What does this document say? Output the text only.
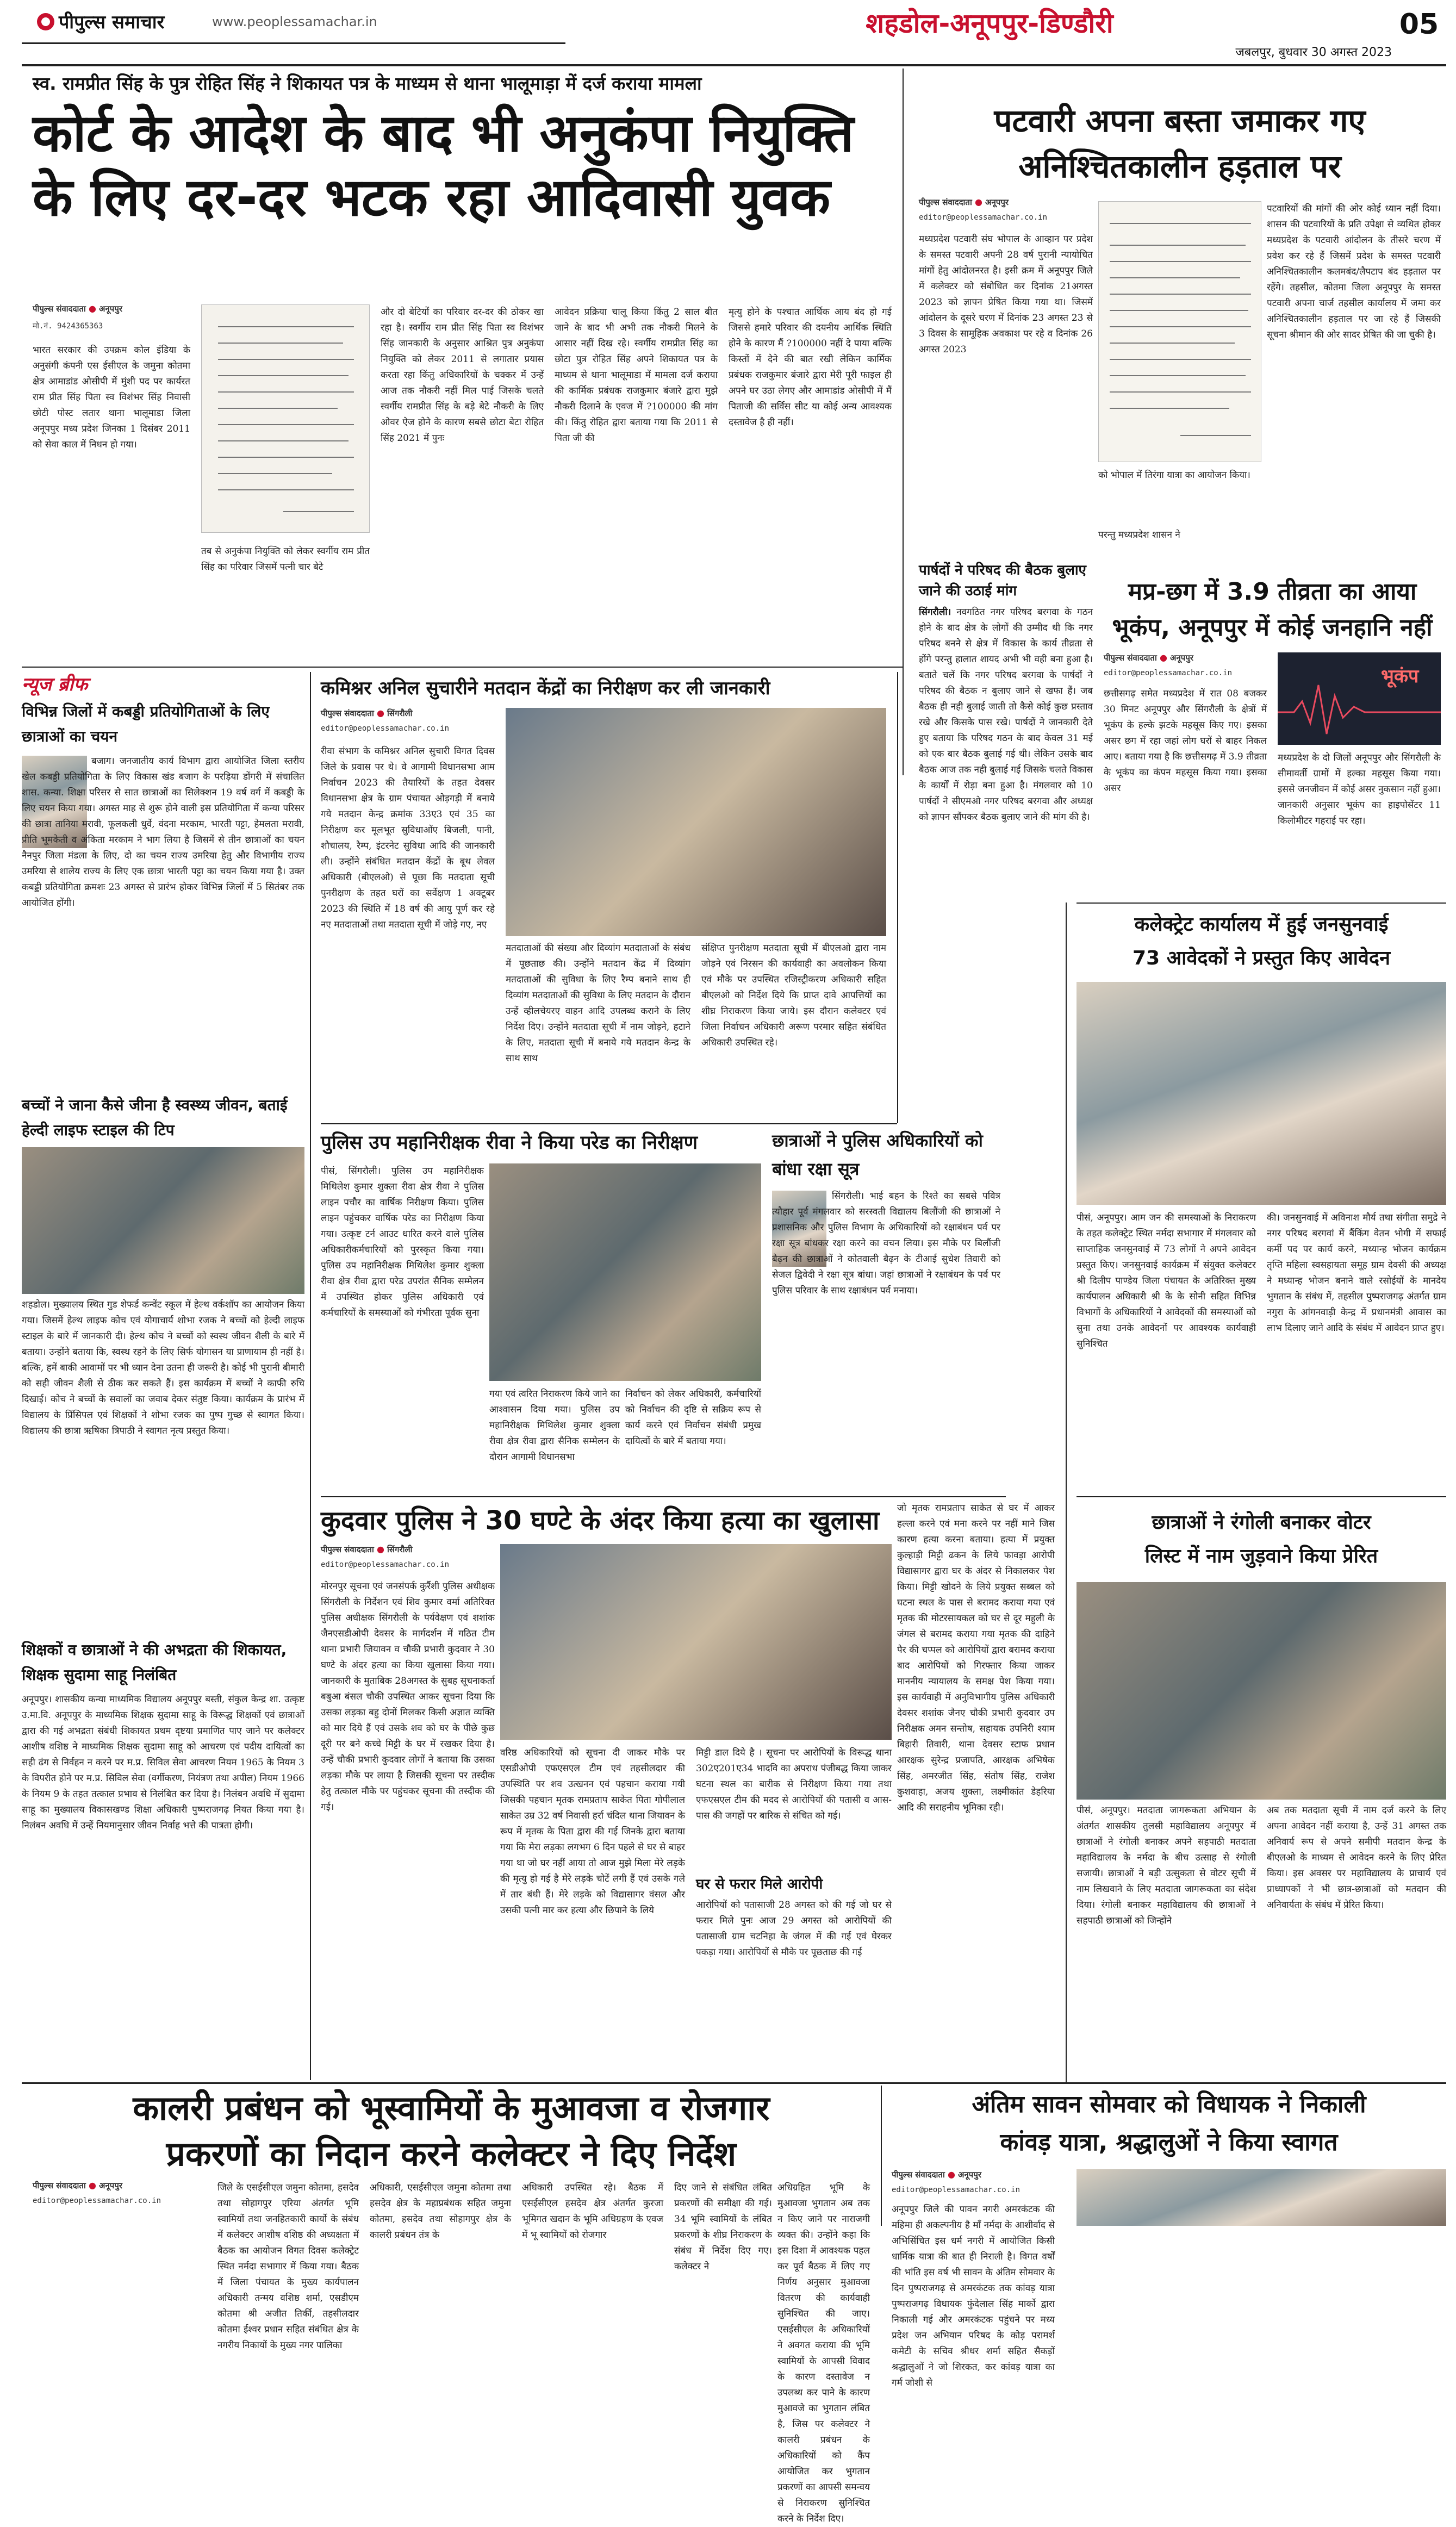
पीपुल्स समाचार	www.peoplessamachar.in	शहडोल-अनूपपुर-डिण्डौरी	05
जबलपुर, बुधवार 30 अगस्त 2023
स्व. रामप्रीत सिंह के पुत्र रोहित सिंह ने शिकायत पत्र के माध्यम से थाना भालूमाड़ा में दर्ज कराया मामला
कोर्ट के आदेश के बाद भी अनुकंपा नियुक्ति
के लिए दर-दर भटक रहा आदिवासी युवक
पीपुल्स संवाददाता ● अनूपपुर
मो.नं. 9424365363
भारत सरकार की उपक्रम कोल इंडिया के अनुसंगी कंपनी एस ईसीएल के जमुना कोतमा क्षेत्र आमाडांड ओसीपी में मुंशी पद पर कार्यरत राम प्रीत सिंह पिता स्व विशंभर सिंह निवासी छोटी पोस्ट लतार थाना भालूमाडा जिला अनूपपुर मध्य प्रदेश जिनका 1 दिसंबर 2011 को सेवा काल में निधन हो गया।
तब से अनुकंपा नियुक्ति को लेकर स्वर्गीय राम प्रीत सिंह का परिवार जिसमें पत्नी चार बेटे
और दो बेटियों का परिवार दर-दर की ठोकर खा रहा है। स्वर्गीय राम प्रीत सिंह पिता स्व विशंभर सिंह जानकारी के अनुसार आश्रित पुत्र अनुकंपा नियुक्ति को लेकर 2011 से लगातार प्रयास करता रहा किंतु अधिकारियों के चक्कर में उन्हें आज तक नौकरी नहीं मिल पाई जिसके चलते स्वर्गीय रामप्रीत सिंह के बड़े बेटे नौकरी के लिए ओवर ऐज होने के कारण सबसे छोटा बेटा रोहित सिंह 2021 में पुनः
आवेदन प्रक्रिया चालू किया किंतु 2 साल बीत जाने के बाद भी अभी तक नौकरी मिलने के आसार नहीं दिख रहे। स्वर्गीय रामप्रीत सिंह का छोटा पुत्र रोहित सिंह अपने शिकायत पत्र के माध्यम से थाना भालूमाडा में मामला दर्ज कराया की कार्मिक प्रबंधक राजकुमार बंजारे द्वारा मुझे नौकरी दिलाने के एवज में ?100000 की मांग की। किंतु रोहित द्वारा बताया गया कि 2011 से पिता जी की
मृत्यु होने के पश्चात आर्थिक आय बंद हो गई जिससे हमारे परिवार की दयनीय आर्थिक स्थिति होने के कारण मैं ?100000 नहीं दे पाया बल्कि किस्तों में देने की बात रखी लेकिन कार्मिक प्रबंधक राजकुमार बंजारे द्वारा मेरी पूरी फाइल ही अपने घर उठा लेगए और आमाडांड ओसीपी में मैं पिताजी की सर्विस सीट या कोई अन्य आवश्यक दस्तावेज है ही नहीं।
पटवारी अपना बस्ता जमाकर गए
अनिश्चितकालीन हड़ताल पर
पीपुल्स संवाददाता ● अनूपपुर
editor@peoplessamachar.co.in
मध्यप्रदेश पटवारी संघ भोपाल के आव्हान पर प्रदेश के समस्त पटवारी अपनी 28 वर्ष पुरानी न्यायोचित मांगों हेतु आंदोलनरत है। इसी क्रम में अनूपपुर जिले में कलेक्टर को संबोधित कर दिनांक 21अगस्त 2023 को ज्ञापन प्रेषित किया गया था। जिसमें आंदोलन के दूसरे चरण में दिनांक 23 अगस्त 23 से 3 दिवस के सामूहिक अवकाश पर रहे व दिनांक 26 अगस्त 2023
को भोपाल में तिरंगा यात्रा का आयोजन किया।
परन्तु मध्यप्रदेश शासन ने
पटवारियों की मांगों की ओर कोई ध्यान नहीं दिया। शासन की पटवारियों के प्रति उपेक्षा से व्यथित होकर मध्यप्रदेश के पटवारी आंदोलन के तीसरे चरण में प्रवेश कर रहे हैं जिसमें प्रदेश के समस्त पटवारी अनिश्चितकालीन कलमबंद/लैपटाप बंद हड़ताल पर रहेंगे। तहसील, कोतमा जिला अनूपपुर के समस्त पटवारी अपना चार्ज तहसील कार्यालय में जमा कर अनिश्चितकालीन हड़ताल पर जा रहे हैं जिसकी सूचना श्रीमान की ओर सादर प्रेषित की जा चुकी है।
पार्षदों ने परिषद की बैठक बुलाए जाने की उठाई मांग
सिंगरौली। नवगठित नगर परिषद बरगवा के गठन होने के बाद क्षेत्र के लोगों की उम्मीद थी कि नगर परिषद बनने से क्षेत्र में विकास के कार्य तीव्रता से होंगे परन्तु हालात शायद अभी भी वही बना हुआ है। बताते चलें कि नगर परिषद बरगवा के पार्षदों ने परिषद की बैठक न बुलाए जाने से खफा हैं। जब बैठक ही नही बुलाई जाती तो कैसे कोई कुछ प्रस्ताव रखे और किसके पास रखे। पार्षदों ने जानकारी देते हुए बताया कि परिषद गठन के बाद केवल 31 मई को एक बार बैठक बुलाई गई थी। लेकिन उसके बाद बैठक आज तक नही बुलाई गई जिसके चलते विकास के कार्यों में रोड़ा बना हुआ है। मंगलवार को 10 पार्षदों ने सीएमओ नगर परिषद बरगवा और अध्यक्ष को ज्ञापन सौंपकर बैठक बुलाए जाने की मांग की है।
मप्र-छग में 3.9 तीव्रता का आया
भूकंप, अनूपपुर में कोई जनहानि नहीं
पीपुल्स संवाददाता ● अनूपपुर
editor@peoplessamachar.co.in
छत्तीसगढ़ समेत मध्यप्रदेश में रात 08 बजकर 30 मिनट अनूपपुर और सिंगरौली के क्षेत्रों में भूकंप के हल्के झटके महसूस किए गए। इसका असर छग में रहा जहां लोग घरों से बाहर निकल आए। बताया गया है कि छत्तीसगढ़ में 3.9 तीव्रता के भूकंप का कंपन महसूस किया गया। इसका असर
भूकंप
मध्यप्रदेश के दो जिलों अनूपपुर और सिंगरौली के सीमावर्ती ग्रामों में हल्का महसूस किया गया। इससे जनजीवन में कोई असर नुकसान नहीं हुआ। जानकारी अनुसार भूकंप का हाइपोसेंटर 11 किलोमीटर गहराई पर रहा।
न्यूज ब्रीफ
विभिन्न जिलों में कबड्डी प्रतियोगिताओं के लिए छात्राओं का चयन
बजाग। जनजातीय कार्य विभाग द्वारा आयोजित जिला स्तरीय खेल कबड्डी प्रतियोगिता के लिए विकास खंड बजाग के परड़िया डोंगरी में संचालित शास. कन्या. शिक्षा परिसर से सात छात्राओं का सिलेक्शन 19 वर्ष वर्ग में कबड्डी के लिए चयन किया गया। अगस्त माह से शुरू होने वाली इस प्रतियोगिता में कन्या परिसर की छात्रा तानिया मरावी, फूलकली धुर्वे, वंदना मरकाम, भारती पट्टा, हेमलता मरावी, प्रीति भूमकेती व अंकिता मरकाम ने भाग लिया है जिसमें से तीन छात्राओं का चयन नैनपुर जिला मंडला के लिए, दो का चयन राज्य उमरिया हेतु और विभागीय राज्य उमरिया से शालेय राज्य के लिए एक छात्रा भारती पट्टा का चयन किया गया है। उक्त कबड्डी प्रतियोगिता क्रमशः 23 अगस्त से प्रारंभ होकर विभिन्न जिलों में 5 सितंबर तक आयोजित होंगी।
बच्चों ने जाना कैसे जीना है स्वस्थ्य जीवन, बताई हेल्दी लाइफ स्टाइल की टिप
शहडोल। मुख्यालय स्थित गुड शेफर्ड कन्वेंट स्कूल में हेल्थ वर्कशॉप का आयोजन किया गया। जिसमें हेल्थ लाइफ कोच एवं योगाचार्य शोभा रजक ने बच्चों को हेल्दी लाइफ स्टाइल के बारे में जानकारी दी। हेल्थ कोच ने बच्चों को स्वस्थ जीवन शैली के बारे में बताया। उन्होंने बताया कि, स्वस्थ रहने के लिए सिर्फ योगासन या प्राणायाम ही नहीं है। बल्कि, हमें बाकी आवामों पर भी ध्यान देना उतना ही जरूरी है। कोई भी पुरानी बीमारी को सही जीवन शैली से ठीक कर सकते हैं। इस कार्यक्रम में बच्चों ने काफी रुचि दिखाई। कोच ने बच्चों के सवालों का जवाब देकर संतुष्ट किया। कार्यक्रम के प्रारंभ में विद्यालय के प्रिंसिपल एवं शिक्षकों ने शोभा रजक का पुष्प गुच्छ से स्वागत किया। विद्यालय की छात्रा ऋषिका त्रिपाठी ने स्वागत नृत्य प्रस्तुत किया।
शिक्षकों व छात्राओं ने की अभद्रता की शिकायत, शिक्षक सुदामा साहू निलंबित
अनूपपुर। शासकीय कन्या माध्यमिक विद्यालय अनूपपुर बस्ती, संकुल केन्द्र शा. उत्कृष्ट उ.मा.वि. अनूपपुर के माध्यमिक शिक्षक सुदामा साहू के विरूद्ध शिक्षकों एवं छात्राओं द्वारा की गई अभद्रता संबंधी शिकायत प्रथम दृष्टया प्रमाणित पाए जाने पर कलेक्टर आशीष वशिष्ठ ने माध्यमिक शिक्षक सुदामा साहू को आचरण एवं पदीय दायित्वों का सही ढंग से निर्वहन न करने पर म.प्र. सिविल सेवा आचरण नियम 1965 के नियम 3 के विपरीत होने पर म.प्र. सिविल सेवा (वर्गीकरण, नियंत्रण तथा अपील) नियम 1966 के नियम 9 के तहत तत्काल प्रभाव से निलंबित कर दिया है। निलंबन अवधि में सुदामा साहू का मुख्यालय विकासखण्ड शिक्षा अधिकारी पुष्पराजगढ़ नियत किया गया है। निलंबन अवधि में उन्हें नियमानुसार जीवन निर्वाह भत्ते की पात्रता होगी।
कमिश्नर अनिल सुचारीने मतदान केंद्रों का निरीक्षण कर ली जानकारी
पीपुल्स संवाददाता ● सिंगरौली
editor@peoplessamachar.co.in
रीवा संभाग के कमिश्नर अनिल सुचारी विगत दिवस जिले के प्रवास पर थे। वे आगामी विधानसभा आम निर्वाचन 2023 की तैयारियों के तहत देवसर विधानसभा क्षेत्र के ग्राम पंचायत ओड़गड़ी में बनाये गये मतदान केन्द्र क्रमांक 33ए3 एवं 35 का निरीक्षण कर मूलभूत सुविधाओंए बिजली, पानी, शौचालय, रैम्प, इंटरनेट सुविधा आदि की जानकारी ली। उन्होंने संबंधित मतदान केंद्रों के बूथ लेवल अधिकारी (बीएलओ) से पूछा कि मतदाता सूची पुनरीक्षण के तहत घरों का सर्वेक्षण 1 अक्टूबर 2023 की स्थिति में 18 वर्ष की आयु पूर्ण कर रहे नए मतदाताओं तथा मतदाता सूची में जोड़े गए, नए
मतदाताओं की संख्या और दिव्यांग मतदाताओं के संबंध में पूछताछ की। उन्होंने मतदान केंद्र में दिव्यांग मतदाताओं की सुविधा के लिए रैम्प बनाने साथ ही दिव्यांग मतदाताओं की सुविधा के लिए मतदान के दौरान उन्हें व्हीलचेयरए वाहन आदि उपलब्ध कराने के लिए निर्देश दिए। उन्होंने मतदाता सूची में नाम जोड़ने, हटाने के लिए, मतदाता सूची में बनाये गये मतदान केन्द्र के साथ साथ
संक्षिप्त पुनरीक्षण मतदाता सूची में बीएलओ द्वारा नाम जोड़ने एवं निरसन की कार्यवाही का अवलोकन किया एवं मौके पर उपस्थित रजिस्ट्रीकरण अधिकारी सहित बीएलओ को निर्देश दिये कि प्राप्त दावे आपत्तियों का शीघ्र निराकरण किया जाये। इस दौरान कलेक्टर एवं जिला निर्वाचन अधिकारी अरूण परमार सहित संबंधित अधिकारी उपस्थित रहे।
पुलिस उप महानिरीक्षक रीवा ने किया परेड का निरीक्षण
पीसं, सिंगरौली। पुलिस उप महानिरीक्षक मिथिलेश कुमार शुक्ला रीवा क्षेत्र रीवा ने पुलिस लाइन पचौर का वार्षिक निरीक्षण किया। पुलिस लाइन पहुंचकर वार्षिक परेड का निरीक्षण किया गया। उत्कृष्ट टर्न आउट धारित करने वाले पुलिस अधिकारीकर्मचारियों को पुरस्कृत किया गया। पुलिस उप महानिरीक्षक मिथिलेश कुमार शुक्ला रीवा क्षेत्र रीवा द्वारा परेड उपरांत सैनिक सम्मेलन में उपस्थित होकर पुलिस अधिकारी एवं कर्मचारियों के समस्याओं को गंभीरता पूर्वक सुना
गया एवं त्वरित निराकरण किये जाने का आश्वासन दिया गया। पुलिस उप महानिरीक्षक मिथिलेश कुमार शुक्ला रीवा क्षेत्र रीवा द्वारा सैनिक सम्मेलन के दौरान आगामी विधानसभा
निर्वाचन को लेकर अधिकारी, कर्मचारियों को निर्वाचन की दृष्टि से सक्रिय रूप से कार्य करने एवं निर्वाचन संबंधी प्रमुख दायित्वों के बारे में बताया गया।
छात्राओं ने पुलिस अधिकारियों को बांधा रक्षा सूत्र
सिंगरौली। भाई बहन के रिश्ते का सबसे पवित्र त्यौहार पूर्व मंगलवार को सरस्वती विद्यालय बिलौंजी की छात्राओं ने प्रशासनिक और पुलिस विभाग के अधिकारियों को रक्षाबंधन पर्व पर रक्षा सूत्र बांधकर रक्षा करने का वचन लिया। इस मौके पर बिलौंजी बैढ़न की छात्राओं ने कोतवाली बैढ़न के टीआई सुधेश तिवारी को सेजल द्विवेदी ने रक्षा सूत्र बांधा। जहां छात्राओं ने रक्षाबंधन के पर्व पर पुलिस परिवार के साथ रक्षाबंधन पर्व मनाया।
कुदवार पुलिस ने 30 घण्टे के अंदर किया हत्या का खुलासा
पीपुल्स संवाददाता ● सिंगरौली
editor@peoplessamachar.co.in
मोरनपुर सूचना एवं जनसंपर्क कुर्रैशी पुलिस अधीक्षक सिंगरौली के निर्देशन एवं शिव कुमार वर्मा अतिरिक्त पुलिस अधीक्षक सिंगरौली के पर्यवेक्षण एवं शशांक जैनएसडीओपी देवसर के मार्गदर्शन में गठित टीम थाना प्रभारी जियावन व चौकी प्रभारी कुदवार ने 30 घण्टे के अंदर हत्या का किया खुलासा किया गया। जानकारी के मुताबिक 28अगस्त के सुबह सूचनाकर्ता बबुआ बंसल चौकी उपस्थित आकर सूचना दिया कि उसका लड़का बहु दोनों मिलकर किसी अज्ञात व्यक्ति को मार दिये हैं एवं उसके शव को घर के पीछे कुछ दूरी पर बने कच्चे मिट्टी के घर में रखकर दिया है। उन्हें चौकी प्रभारी कुदवार लोगों ने बताया कि उसका लड़का मौके पर लाया है जिसकी सूचना पर तस्दीक हेतु तत्काल मौके पर पहुंचकर सूचना की तस्दीक की गई।
वरिष्ठ अधिकारियों को सूचना दी जाकर मौके पर एसडीओपी एफएसएल टीम एवं तहसीलदार की उपस्थिति पर शव उत्खनन एवं पहचान कराया गयी जिसकी पहचान मृतक रामप्रताप साकेत पिता गोपीलाल साकेत उम्र 32 वर्ष निवासी हर्रा चंदिल थाना जियावन के रूप में मृतक के पिता द्वारा की गई जिनके द्वारा बताया गया कि मेरा लड़का लगभग 6 दिन पहले से घर से बाहर गया था जो घर नहीं आया तो आज मुझे मिला मेरे लड़के की मृत्यु हो गई है मेरे लड़के चोटें लगी हैं एवं उसके गले में तार बंधी हैं। मेरे लड़के को विद्यासागर वंसल और उसकी पत्नी मार कर हत्या और छिपाने के लिये
मिट्टी डाल दिये है । सूचना पर आरोपियों के विरूद्ध थाना 302ए201ए34 भादवि का अपराध पंजीबद्ध किया जाकर घटना स्थल का बारीक से निरीक्षण किया गया तथा एफएसएल टीम की मदद से आरोपियों की पतासी व आस-पास की जगहों पर बारिक से संचित को गई।
घर से फरार मिले आरोपी
आरोपियों को पतासाजी 28 अगस्त को की गई जो घर से फरार मिले पुनः आज 29 अगस्त को आरोपियों की पतासाजी ग्राम चटनिहा के जंगल में की गई एवं घेरकर पकड़ा गया। आरोपियों से मौके पर पूछताछ की गई
जो मृतक रामप्रताप साकेत से घर में आकर हल्ला करने एवं मना करने पर नहीं माने जिस कारण हत्या करना बताया। हत्या में प्रयुक्त कुल्हाड़ी मिट्टी ढकन के लिये फावड़ा आरोपी विद्यासागर द्वारा घर के अंदर से निकालकर पेश किया। मिट्टी खोदने के लिये प्रयुक्त सब्बल को घटना स्थल के पास से बरामद कराया गया एवं मृतक की मोटरसायकल को घर से दूर महुली के जंगल से बरामद कराया गया मृतक की दाहिने पैर की चप्पल को आरोपियों द्वारा बरामद कराया बाद आरोपियों को गिरफ्तार किया जाकर माननीय न्यायालय के समक्ष पेश किया गया। इस कार्यवाही में अनुविभागीय पुलिस अधिकारी देवसर शशांक जैनए चौकी प्रभारी कुदवार उप निरीक्षक अमन सन्तोष, सहायक उपनिरी श्याम बिहारी तिवारी, थाना देवसर स्टाफ प्रधान आरक्षक सुरेन्द्र प्रजापति, आरक्षक अभिषेक सिंह, अमरजीत सिंह, संतोष सिंह, राजेश कुशवाहा, अजय शुक्ला, लक्ष्मीकांत डेहरिया आदि की सराहनीय भूमिका रही।
कलेक्ट्रेट कार्यालय में हुई जनसुनवाई
73 आवेदकों ने प्रस्तुत किए आवेदन
पीसं, अनूपपुर। आम जन की समस्याओं के निराकरण के तहत कलेक्ट्रेट स्थित नर्मदा सभागार में मंगलवार को साप्ताहिक जनसुनवाई में 73 लोगों ने अपने आवेदन प्रस्तुत किए। जनसुनवाई कार्यक्रम में संयुक्त कलेक्टर श्री दिलीप पाण्डेय जिला पंचायत के अतिरिक्त मुख्य कार्यपालन अधिकारी श्री के के सोनी सहित विभिन्न विभागों के अधिकारियों ने आवेदकों की समस्याओं को सुना तथा उनके आवेदनों पर आवश्यक कार्यवाही सुनिश्चित
की। जनसुनवाई में अविनाश मौर्य तथा संगीता समुद्रे ने नगर परिषद बरगवां में बैंकिंग वेतन भोगी में सफाई कर्मी पद पर कार्य करने, मध्यान्ह भोजन कार्यक्रम तृप्ति महिला स्वसहायता समूह ग्राम देवसी की अध्यक्ष ने मध्यान्ह भोजन बनाने वाले रसोईयों के मानदेय भुगतान के संबंध में, तहसील पुष्पराजगढ़ अंतर्गत ग्राम नगुरा के आंगनवाड़ी केन्द्र में प्रधानमंत्री आवास का लाभ दिलाए जाने आदि के संबंध में आवेदन प्राप्त हुए।
छात्राओं ने रंगोली बनाकर वोटर
लिस्ट में नाम जुड़वाने किया प्रेरित
पीसं, अनूपपुर। मतदाता जागरूकता अभियान के अंतर्गत शासकीय तुलसी महाविद्यालय अनूपपुर में छात्राओं ने रंगोली बनाकर अपने सहपाठी मतदाता महाविद्यालय के नर्मदा के बीच उत्साह से रंगोली सजायी। छात्राओं ने बड़ी उत्सुकता से वोटर सूची में नाम लिखवाने के लिए मतदाता जागरूकता का संदेश दिया। रंगोली बनाकर महाविद्यालय की छात्राओं ने सहपाठी छात्राओं को जिन्होंने
अब तक मतदाता सूची में नाम दर्ज करने के लिए अपना आवेदन नहीं कराया है, उन्हें 31 अगस्त तक अनिवार्य रूप से अपने समीपी मतदान केन्द्र के बीएलओ के माध्यम से आवेदन करने के लिए प्रेरित किया। इस अवसर पर महाविद्यालय के प्राचार्य एवं प्राध्यापकों ने भी छात्र-छात्राओं को मतदान की अनिवार्यता के संबंध में प्रेरित किया।
कालरी प्रबंधन को भूस्वामियों के मुआवजा व रोजगार
प्रकरणों का निदान करने कलेक्टर ने दिए निर्देश
पीपुल्स संवाददाता ● अनूपपुर
editor@peoplessamachar.co.in
जिले के एसईसीएल जमुना कोतमा, हसदेव तथा सोहागपुर एरिया अंतर्गत भूमि स्वामियों तथा जनहितकारी कार्यो के संबंध में कलेक्टर आशीष वशिष्ठ की अध्यक्षता में बैठक का आयोजन विगत दिवस कलेक्ट्रेट स्थित नर्मदा सभागार में किया गया। बैठक में जिला पंचायत के मुख्य कार्यपालन अधिकारी तन्मय वशिष्ठ शर्मा, एसडीएम कोतमा श्री अजीत तिर्की, तहसीलदार कोतमा ईश्वर प्रधान सहित संबंधित क्षेत्र के नगरीय निकायों के मुख्य नगर पालिका
अधिकारी, एसईसीएल जमुना कोतमा तथा हसदेव क्षेत्र के महाप्रबंधक सहित जमुना कोतमा, हसदेव तथा सोहागपुर क्षेत्र के कालरी प्रबंधन तंत्र के
अधिकारी उपस्थित रहे। बैठक में एसईसीएल हसदेव क्षेत्र अंतर्गत कुरजा भूमिगत खदान के भूमि अधिग्रहण के एवज में भू स्वामियों को रोजगार
दिए जाने से संबंधित लंबित प्रकरणों की समीक्षा की गई। 34 भूमि स्वामियों के लंबित प्रकरणों के शीघ्र निराकरण के संबंध में निर्देश दिए गए। कलेक्टर ने
अधिग्रहित भूमि के मुआवजा भुगतान अब तक न किए जाने पर नाराजगी व्यक्त की। उन्होंने कहा कि इस दिशा में आवश्यक पहल कर पूर्व बैठक में लिए गए निर्णय अनुसार मुआवजा वितरण की कार्यवाही सुनिश्चित की जाए। एसईसीएल के अधिकारियों ने अवगत कराया की भूमि स्वामियों के आपसी विवाद के कारण दस्तावेज न उपलब्ध कर पाने के कारण मुआवजे का भुगतान लंबित है, जिस पर कलेक्टर ने कालरी प्रबंधन के अधिकारियों को कैंप आयोजित कर भुगतान प्रकरणों का आपसी समन्वय से निराकरण सुनिश्चित करने के निर्देश दिए।
अंतिम सावन सोमवार को विधायक ने निकाली
कांवड़ यात्रा, श्रद्धालुओं ने किया स्वागत
पीपुल्स संवाददाता ● अनूपपुर
editor@peoplessamachar.co.in
अनूपपुर जिले की पावन नगरी अमरकंटक की महिमा ही अकल्पनीय है माँ नर्मदा के आशीर्वाद से अभिसिंचित इस धर्म नगरी में आयोजित किसी धार्मिक यात्रा की बात ही निराली है। विगत वर्षों की भांति इस वर्ष भी सावन के अंतिम सोमवार के दिन पुष्पराजगढ़ से अमरकंटक तक कांवड़ यात्रा पुष्पराजगढ़ विधायक फुंदेलाल सिंह मार्को द्वारा निकाली गई और अमरकंटक पहुंचने पर मध्य प्रदेश जन अभियान परिषद के कोड़ परामर्श कमेटी के सचिव श्रीधर शर्मा सहित सैकड़ों श्रद्धालुओं ने जो शिरकत, कर कांवड़ यात्रा का गर्म जोशी से
